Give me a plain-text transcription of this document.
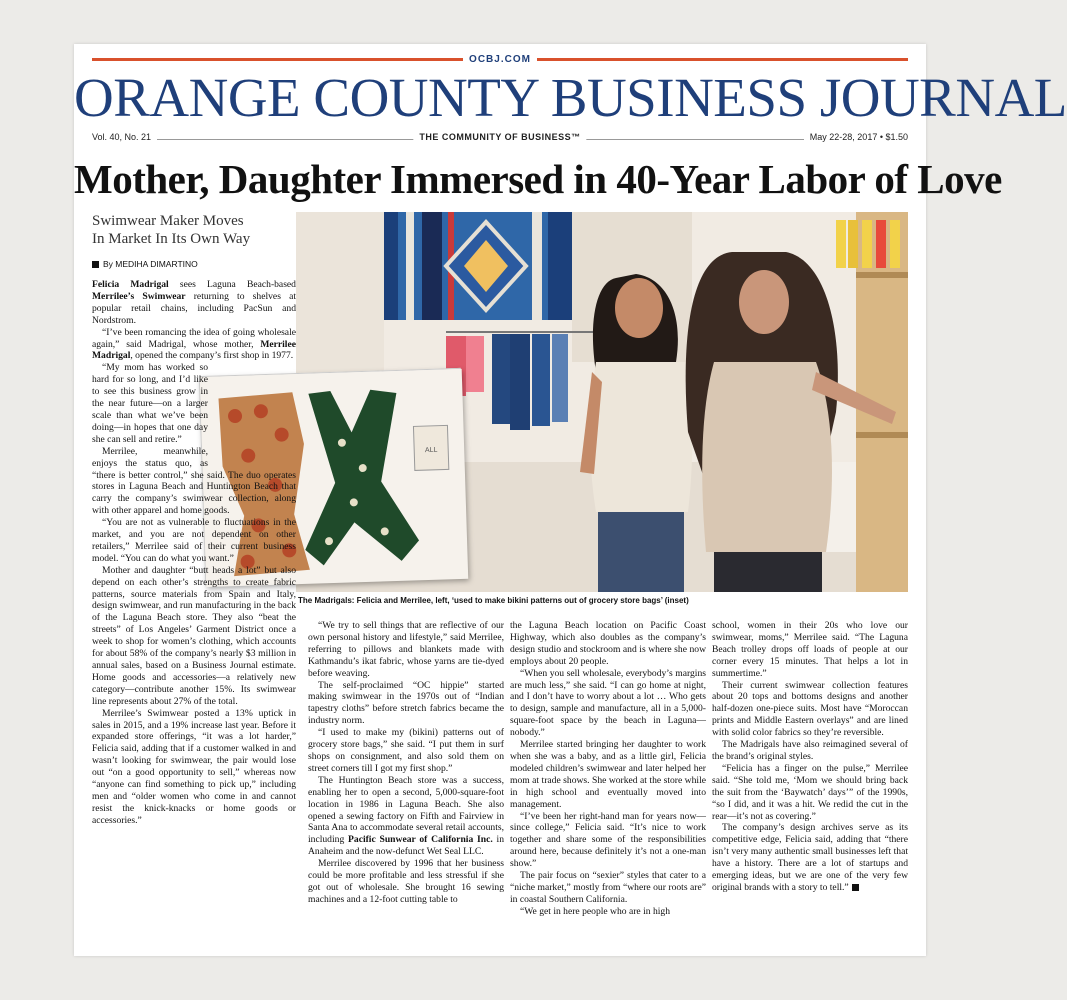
OCBJ.COM
ORANGE COUNTY BUSINESS JOURNAL
Vol. 40, No. 21	THE COMMUNITY OF BUSINESS™	May 22-28, 2017 • $1.50
Mother, Daughter Immersed in 40-Year Labor of Love
Swimwear Maker Moves
In Market In Its Own Way
By MEDIHA DIMARTINO
ALL
The Madrigals: Felicia and Merrilee, left, ‘used to make bikini patterns out of grocery store bags’ (inset)

Felicia Madrigal sees Laguna Beach-based Merrilee’s Swimwear returning to shelves at popular retail chains, including PacSun and Nordstrom.

“I’ve been romancing the idea of going wholesale again,” said Madrigal, whose mother, Merrilee Madrigal, opened the company’s first shop in 1977.

“My mom has worked so hard for so long, and I’d like to see this business grow in the near future—on a larger scale than what we’ve been doing—in hopes that one day she can sell and retire.”

Merrilee, meanwhile, enjoys the status quo, as “there is better control,” she said. The duo operates stores in Laguna Beach and Huntington Beach that carry the company’s swimwear collection, along with other apparel and home goods.

“You are not as vulnerable to fluctuations in the market, and you are not dependent on other retailers,” Merrilee said of their current business model. “You can do what you want.”

Mother and daughter “butt heads a lot” but also depend on each other’s strengths to create fabric patterns, source materials from Spain and Italy, design swimwear, and run manufacturing in the back of the Laguna Beach store. They also “beat the streets” of Los Angeles’ Garment District once a week to shop for women’s clothing, which accounts for about 58% of the company’s nearly $3 million in annual sales, based on a Business Journal estimate. Home goods and accessories—a relatively new category—contribute another 15%. Its swimwear line represents about 27% of the total.

Merrilee’s Swimwear posted a 13% uptick in sales in 2015, and a 19% increase last year. Before it expanded store offerings, “it was a lot harder,” Felicia said, adding that if a customer walked in and wasn’t looking for swimwear, the pair would lose out “on a good opportunity to sell,” whereas now “anyone can find something to pick up,” including men and “older women who come in and cannot resist the knick-knacks or home goods or accessories.”

“We try to sell things that are reflective of our own personal history and lifestyle,” said Merrilee, referring to pillows and blankets made with Kathmandu’s ikat fabric, whose yarns are tie-dyed before weaving.

The self-proclaimed “OC hippie” started making swimwear in the 1970s out of “Indian tapestry cloths” before stretch fabrics became the industry norm.

“I used to make my (bikini) patterns out of grocery store bags,” she said. “I put them in surf shops on consignment, and also sold them on street corners till I got my first shop.”

The Huntington Beach store was a success, enabling her to open a second, 5,000-square-foot location in 1986 in Laguna Beach. She also opened a sewing factory on Fifth and Fairview in Santa Ana to accommodate several retail accounts, including Pacific Sunwear of California Inc. in Anaheim and the now-defunct Wet Seal LLC.

Merrilee discovered by 1996 that her business could be more profitable and less stressful if she got out of wholesale. She brought 16 sewing machines and a 12-foot cutting table to

the Laguna Beach location on Pacific Coast Highway, which also doubles as the company’s design studio and stockroom and is where she now employs about 20 people.

“When you sell wholesale, everybody’s margins are much less,” she said. “I can go home at night, and I don’t have to worry about a lot … Who gets to design, sample and manufacture, all in a 5,000-square-foot space by the beach in Laguna—nobody.”

Merrilee started bringing her daughter to work when she was a baby, and as a little girl, Felicia modeled children’s swimwear and later helped her mom at trade shows. She worked at the store while in high school and eventually moved into management.

“I’ve been her right-hand man for years now—since college,” Felicia said. “It’s nice to work together and share some of the responsibilities around here, because definitely it’s not a one-man show.”

The pair focus on “sexier” styles that cater to a “niche market,” mostly from “where our roots are” in coastal Southern California.

“We get in here people who are in high

school, women in their 20s who love our swimwear, moms,” Merrilee said. “The Laguna Beach trolley drops off loads of people at our corner every 15 minutes. That helps a lot in summertime.”

Their current swimwear collection features about 20 tops and bottoms designs and another half-dozen one-piece suits. Most have “Moroccan prints and Middle Eastern overlays” and are lined with solid color fabrics so they’re reversible.

The Madrigals have also reimagined several of the brand’s original styles.

“Felicia has a finger on the pulse,” Merrilee said. “She told me, ‘Mom we should bring back the suit from the ‘Baywatch’ days’” of the 1990s, “so I did, and it was a hit. We redid the cut in the rear—it’s not as covering.”

The company’s design archives serve as its competitive edge, Felicia said, adding that “there isn’t very many authentic small businesses left that have a history. There are a lot of startups and emerging ideas, but we are one of the very few original brands with a story to tell.”
